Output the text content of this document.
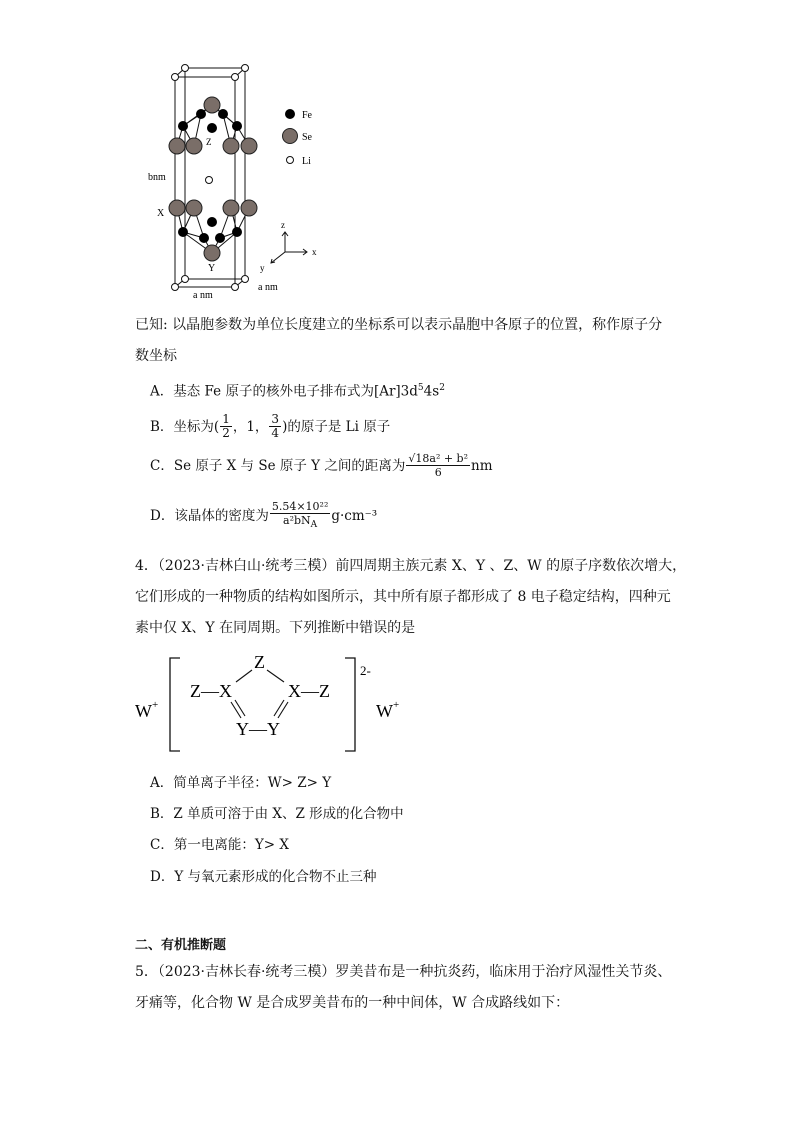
Z
bnm
X
Y
a nm
a nm
Fe
Se
Li
z
x
y
已知: 以晶胞参数为单位长度建立的坐标系可以表示晶胞中各原子的位置，称作原子分
数坐标
A．基态 Fe 原子的核外电子排布式为$[Ar]3d^54s^2$
B．坐标为( $\frac{1}{2}$ ，1， $\frac{3}{4}$ )的原子是 Li 原子
C．Se 原子 X 与 Se 原子 Y 之间的距离为 $\frac{\text{√18a² + b²}}{6}$ nm
D．该晶体的密度为 $\frac{\text{5.54×10²²}}{a^2bN_A} g\cdot cm^{-3}$
4．（2023·吉林白山·统考三模）前四周期主族元素 X、Y 、Z、W 的原子序数依次增大，
它们形成的一种物质的结构如图所示，其中所有原子都形成了 8 电子稳定结构，四种元
素中仅 X、Y 在同周期。下列推断中错误的是
W +
2-
W +
Z
Z—X	X—Z
Y—Y
A．简单离子半径：W> Z> Y
B．Z 单质可溶于由 X、Z 形成的化合物中
C．第一电离能：Y> X
D．Y 与氧元素形成的化合物不止三种
二、有机推断题
5．（2023·吉林长春·统考三模）罗美昔布是一种抗炎药，临床用于治疗风湿性关节炎、
牙痛等，化合物 W 是合成罗美昔布的一种中间体，W 合成路线如下：
